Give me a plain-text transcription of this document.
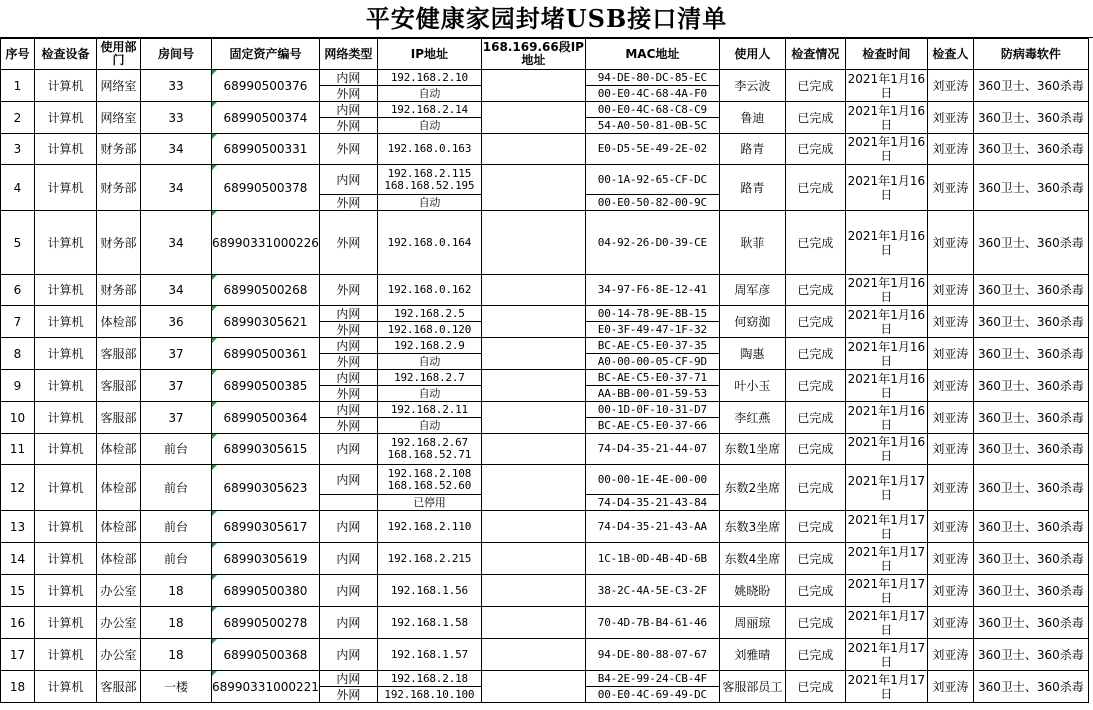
平安健康家园封堵USB接口清单
序号	检查设备	使用部门	房间号	固定资产编号	网络类型	IP地址	168.169.66段IP地址	MAC地址	使用人	检查情况	检查时间	检查人	防病毒软件
1	计算机	网络室	33	68990500376	内网	192.168.2.10		94-DE-80-DC-85-EC	李云波	已完成	2021年1月16日	刘亚涛	360卫士、360杀毒
					外网	自动		00-E0-4C-68-4A-F0					
2	计算机	网络室	33	68990500374	内网	192.168.2.14		00-E0-4C-68-C8-C9	鲁迪	已完成	2021年1月16日	刘亚涛	360卫士、360杀毒
					外网	自动		54-A0-50-81-0B-5C					
3	计算机	财务部	34	68990500331	外网	192.168.0.163		E0-D5-5E-49-2E-02	路青	已完成	2021年1月16日	刘亚涛	360卫士、360杀毒
4	计算机	财务部	34	68990500378	内网	192.168.2.115
168.168.52.195		00-1A-92-65-CF-DC	路青	已完成	2021年1月16日	刘亚涛	360卫士、360杀毒
					外网	自动		00-E0-50-82-00-9C					
5	计算机	财务部	34	68990331000226	外网	192.168.0.164		04-92-26-D0-39-CE	耿菲	已完成	2021年1月16日	刘亚涛	360卫士、360杀毒
6	计算机	财务部	34	68990500268	外网	192.168.0.162		34-97-F6-8E-12-41	周军彦	已完成	2021年1月16日	刘亚涛	360卫士、360杀毒
7	计算机	体检部	36	68990305621	内网	192.168.2.5		00-14-78-9E-8B-15	何窈洳	已完成	2021年1月16日	刘亚涛	360卫士、360杀毒
					外网	192.168.0.120		E0-3F-49-47-1F-32					
8	计算机	客服部	37	68990500361	内网	192.168.2.9		BC-AE-C5-E0-37-35	陶惠	已完成	2021年1月16日	刘亚涛	360卫士、360杀毒
					外网	自动		A0-00-00-05-CF-9D					
9	计算机	客服部	37	68990500385	内网	192.168.2.7		BC-AE-C5-E0-37-71	叶小玉	已完成	2021年1月16日	刘亚涛	360卫士、360杀毒
					外网	自动		AA-BB-00-01-59-53					
10	计算机	客服部	37	68990500364	内网	192.168.2.11		00-1D-0F-10-31-D7	李红燕	已完成	2021年1月16日	刘亚涛	360卫士、360杀毒
					外网	自动		BC-AE-C5-E0-37-66					
11	计算机	体检部	前台	68990305615	内网	192.168.2.67
168.168.52.71		74-D4-35-21-44-07	东数1坐席	已完成	2021年1月16日	刘亚涛	360卫士、360杀毒
12	计算机	体检部	前台	68990305623	内网	192.168.2.108
168.168.52.60		00-00-1E-4E-00-00	东数2坐席	已完成	2021年1月17日	刘亚涛	360卫士、360杀毒
						已停用		74-D4-35-21-43-84					
13	计算机	体检部	前台	68990305617	内网	192.168.2.110		74-D4-35-21-43-AA	东数3坐席	已完成	2021年1月17日	刘亚涛	360卫士、360杀毒
14	计算机	体检部	前台	68990305619	内网	192.168.2.215		1C-1B-0D-4B-4D-6B	东数4坐席	已完成	2021年1月17日	刘亚涛	360卫士、360杀毒
15	计算机	办公室	18	68990500380	内网	192.168.1.56		38-2C-4A-5E-C3-2F	姚晓盼	已完成	2021年1月17日	刘亚涛	360卫士、360杀毒
16	计算机	办公室	18	68990500278	内网	192.168.1.58		70-4D-7B-B4-61-46	周丽琼	已完成	2021年1月17日	刘亚涛	360卫士、360杀毒
17	计算机	办公室	18	68990500368	内网	192.168.1.57		94-DE-80-88-07-67	刘雅晴	已完成	2021年1月17日	刘亚涛	360卫士、360杀毒
18	计算机	客服部	一楼	68990331000221	内网	192.168.2.18		B4-2E-99-24-CB-4F	客服部员工	已完成	2021年1月17日	刘亚涛	360卫士、360杀毒
					外网	192.168.10.100		00-E0-4C-69-49-DC					
